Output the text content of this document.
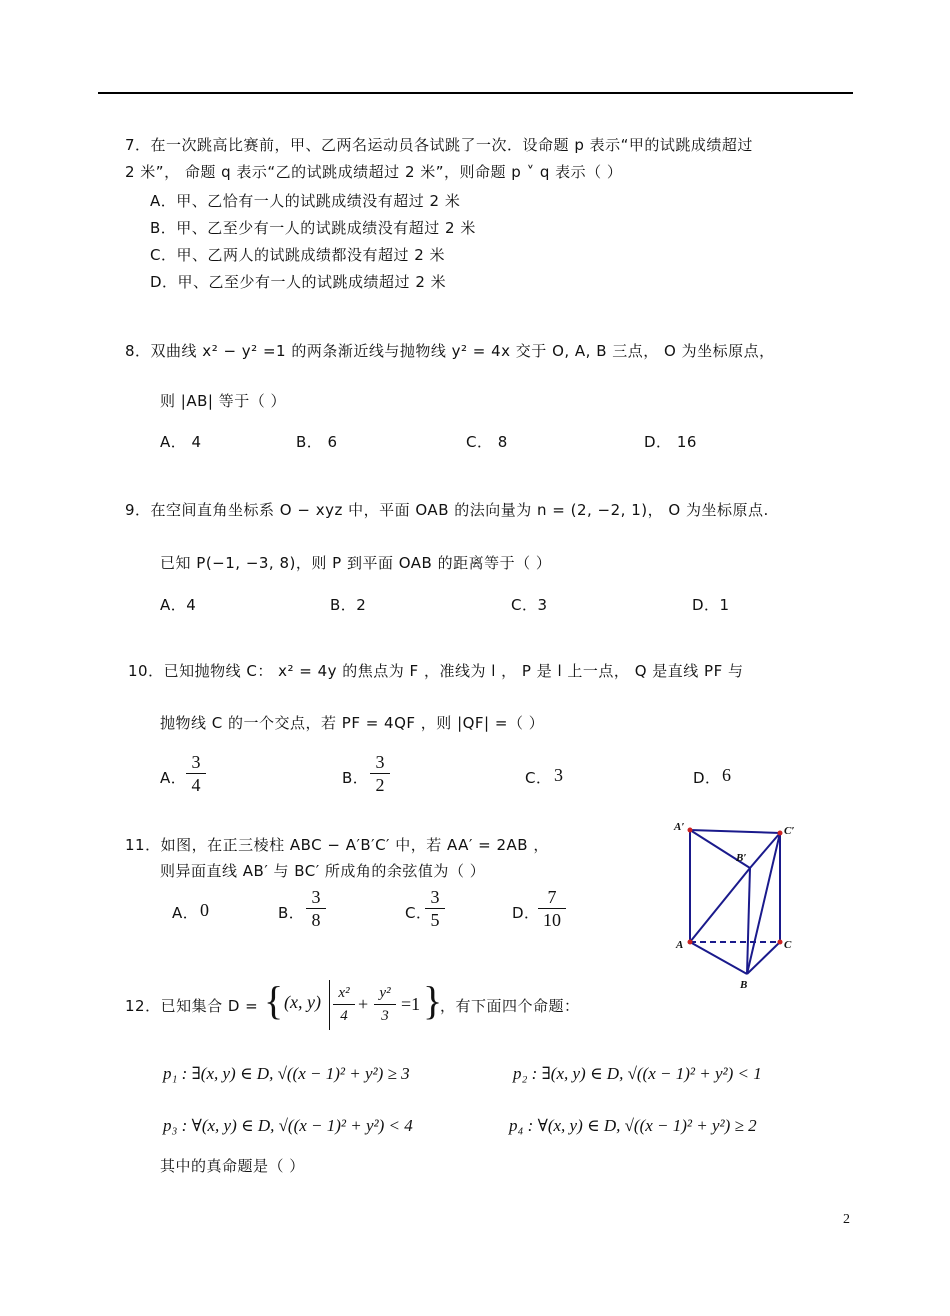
7．在一次跳高比赛前，甲、乙两名运动员各试跳了一次．设命题 p 表示“甲的试跳成绩超过
2 米”， 命题 q 表示“乙的试跳成绩超过 2 米”，则命题 p ˅ q 表示（ ）
A．甲、乙恰有一人的试跳成绩没有超过 2 米
B．甲、乙至少有一人的试跳成绩没有超过 2 米
C．甲、乙两人的试跳成绩都没有超过 2 米
D．甲、乙至少有一人的试跳成绩超过 2 米
8．双曲线 x² − y² =1 的两条渐近线与抛物线 y² = 4x 交于 O, A, B 三点， O 为坐标原点，
则 |AB| 等于（ ）
A． 4	B． 6	C． 8	D． 16
9．在空间直角坐标系 O − xyz 中，平面 OAB 的法向量为 n = (2, −2, 1)， O 为坐标原点.
已知 P(−1, −3, 8)，则 P 到平面 OAB 的距离等于（ ）
A．4	B．2	C．3	D．1
10．已知抛物线 C： x² = 4y 的焦点为 F ，准线为 l ， P 是 l 上一点， Q 是直线 PF 与
抛物线 C 的一个交点，若 PF = 4QF ，则 |QF| =（ ）
A．
3
4	B．
3
2	C． 3	D． 6
11．如图，在正三棱柱 ABC − A′B′C′ 中，若 AA′ = 2AB ，
则异面直线 AB′ 与 BC′ 所成角的余弦值为（ ）
A． 0	B．
3
8	C．
3
5	D．
7
10
A′	C′
B′
A	C
B
12．已知集合 D = { (x, y)	x²
4
+
y²
3
=1 }
，有下面四个命题：
p₁ : ∃(x, y) ∈ D, √((x − 1)² + y²) ≥ 3	p₂ : ∃(x, y) ∈ D, √((x − 1)² + y²) < 1
p₃ : ∀(x, y) ∈ D, √((x − 1)² + y²) < 4	p₄ : ∀(x, y) ∈ D, √((x − 1)² + y²) ≥ 2
其中的真命题是（ ）
2
